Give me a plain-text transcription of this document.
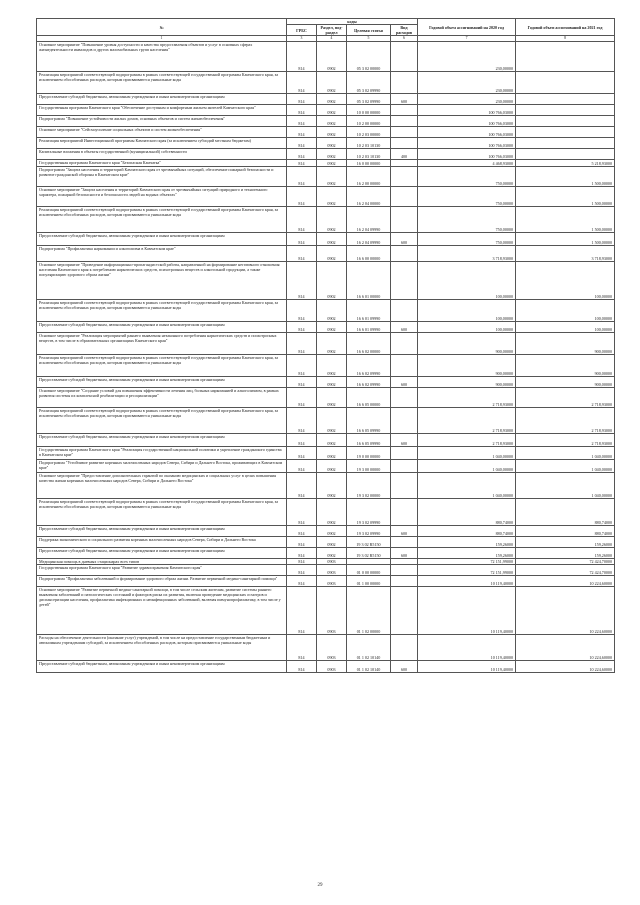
№	коды				Годовой объем ассигнований на 2020 год	Годовой объем ассигнований на 2021 год
	ГРБС	Раздел, под-раздел	Целевая статья	Вид расходов		
1	3	4	5	6	7	8
Основное мероприятие "Повышение уровня доступности и качества предоставления объектов и услуг в основных сферах жизнедеятельности инвалидов и других маломобильных групп населения"	814	0902	05 3 02 00000		230,00000	
Реализация мероприятий соответствующей подпрограммы в рамках соответствующей государственной программы Камчатского края, за исключением обособленных расходов, которым присваиваются уникальные коды	814	0902	05 3 02 09990		230,00000	
Предоставление субсидий бюджетным, автономным учреждениям и иным некоммерческим организациям	814	0902	05 3 02 09990	600	230,00000	
Государственная программа Камчатского края "Обеспечение доступным и комфортным жильем жителей Камчатского края"	814	0902	10 0 00 00000		100 766,03000	
Подпрограмма "Повышение устойчивости жилых домов, основных объектов и систем жизнеобеспечения"	814	0902	10 2 00 00000		100 766,03000	
Основное мероприятие "Сейсмоусиление социальных объектов и систем жизнеобеспечения"	814	0902	10 2 03 00000		100 766,03000	
Реализация мероприятий Инвестиционной программы Камчатского края (за исключением субсидий местным бюджетам)	814	0902	10 2 03 10130		100 766,03000	
Капитальные вложения в объекты государственной (муниципальной) собственности	814	0902	10 2 03 10130	400	100 766,03000	
Государственная программа Камчатского края "Безопасная Камчатка"	814	0902	16 0 00 00000		4 468,93000	5 218,93000
Подпрограмма "Защита населения и территорий Камчатского края от чрезвычайных ситуаций, обеспечение пожарной безопасности и развитие гражданской обороны в Камчатском крае"	814	0902	16 2 00 00000		750,00000	1 500,00000
Основное мероприятие "Защита населения и территорий Камчатского края от чрезвычайных ситуаций природного и техногенного характера, пожарной безопасности и безопасности людей на водных объектах"	814	0902	16 2 04 00000		750,00000	1 500,00000
Реализация мероприятий соответствующей подпрограммы в рамках соответствующей государственной программы Камчатского края, за исключением обособленных расходов, которым присваиваются уникальные коды	814	0902	16 2 04 09990		750,00000	1 500,00000
Предоставление субсидий бюджетным, автономным учреждениям и иным некоммерческим организациям	814	0902	16 2 04 09990	600	750,00000	1 500,00000
Подпрограмма "Профилактика наркомании и алкоголизма в Камчатском крае"	814	0902	16 6 00 00000		3 718,93000	3 718,93000
Основное мероприятие "Проведение информационно-пропагандистской работы, направленной на формирование негативного отношения населения Камчатского края к потреблению наркотических средств, психотропных веществ и алкогольной продукции, а также популяризацию здорового образа жизни"	814	0902	16 6 01 00000		100,00000	100,00000
Реализация мероприятий соответствующей подпрограммы в рамках соответствующей государственной программы Камчатского края, за исключением обособленных расходов, которым присваиваются уникальные коды	814	0902	16 6 01 09990		100,00000	100,00000
Предоставление субсидий бюджетным, автономным учреждениям и иным некоммерческим организациям	814	0902	16 6 01 09990	600	100,00000	100,00000
Основное мероприятие "Реализация мероприятий раннего выявления незаконного потребления наркотических средств и психотропных веществ, в том числе в образовательных организациях Камчатского края"	814	0902	16 6 02 00000		900,00000	900,00000
Реализация мероприятий соответствующей подпрограммы в рамках соответствующей государственной программы Камчатского края, за исключением обособленных расходов, которым присваиваются уникальные коды	814	0902	16 6 02 09990		900,00000	900,00000
Предоставление субсидий бюджетным, автономным учреждениям и иным некоммерческим организациям	814	0902	16 6 02 09990	600	900,00000	900,00000
Основное мероприятие "Создание условий для повышения эффективности лечения лиц, больных наркоманией и алкоголизмом, в рамках развития системы их комплексной реабилитации и ресоциализации"	814	0902	16 6 05 00000		2 718,93000	2 718,93000
Реализация мероприятий соответствующей подпрограммы в рамках соответствующей государственной программы Камчатского края, за исключением обособленных расходов, которым присваиваются уникальные коды	814	0902	16 6 05 09990		2 718,93000	2 718,93000
Предоставление субсидий бюджетным, автономным учреждениям и иным некоммерческим организациям	814	0902	16 6 05 09990	600	2 718,93000	2 718,93000
Государственная программа Камчатского края "Реализация государственной национальной политики и укрепление гражданского единства в Камчатском крае"	814	0902	19 0 00 00000		1 040,00000	1 040,00000
Подпрограмма "Устойчивое развитие коренных малочисленных народов Севера, Сибири и Дальнего Востока, проживающих в Камчатском крае"	814	0902	19 3 00 00000		1 040,00000	1 040,00000
Основное мероприятие "Предоставление дополнительных гарантий по оказанию медицинских и социальных услуг в целях повышения качества жизни коренных малочисленных народов Севера, Сибири и Дальнего Востока"	814	0902	19 3 02 00000		1 040,00000	1 040,00000
Реализация мероприятий соответствующей подпрограммы в рамках соответствующей государственной программы Камчатского края, за исключением обособленных расходов, которым присваиваются уникальные коды	814	0902	19 3 02 09990		880,74000	880,74000
Предоставление субсидий бюджетным, автономным учреждениям и иным некоммерческим организациям	814	0902	19 3 02 09990	600	880,74000	880,74000
Поддержка экономического и социального развития коренных малочисленных народов Севера, Сибири и Дальнего Востока	814	0902	19 3 02 R5150		159,26000	159,26000
Предоставление субсидий бюджетным, автономным учреждениям и иным некоммерческим организациям	814	0902	19 3 02 R5150	600	159,26000	159,26000
Медицинская помощь в дневных стационарах всех типов	814	0903			72 151,99000	72 424,70000
Государственная программа Камчатского края "Развитие здравоохранения Камчатского края"	814	0903	01 0 00 00000		72 151,99000	72 424,70000
Подпрограмма "Профилактика заболеваний и формирование здорового образа жизни. Развитие первичной медико-санитарной помощи"	814	0903	01 1 00 00000		10 119,40000	10 224,60000
Основное мероприятие "Развитие первичной медико-санитарной помощи, в том числе сельским жителям, развитие системы раннего выявления заболеваний и патологических состояний и факторов риска их развития, включая проведение медицинских осмотров и диспансеризации населения, профилактика инфекционных и неинфекционных заболеваний, включая иммунопрофилактику, в том числе у детей"	814	0903	01 1 02 00000		10 119,40000	10 224,60000
Расходы на обеспечение деятельности (оказание услуг) учреждений, в том числе на предоставление государственным бюджетным и автономным учреждениям субсидий, за исключением обособленных расходов, которым присваиваются уникальные коды	814	0903	01 1 02 10140		10 119,40000	10 224,60000
Предоставление субсидий бюджетным, автономным учреждениям и иным некоммерческим организациям	814	0903	01 1 02 10140	600	10 119,40000	10 224,60000
29
